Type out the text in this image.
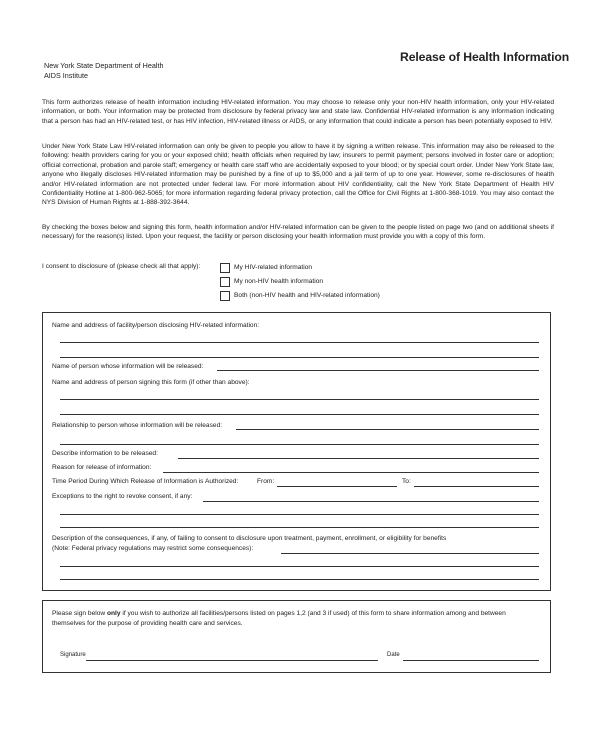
New York State Department of Health
AIDS Institute
Release of Health Information
This form authorizes release of health information including HIV-related information. You may choose to release only your non-HIV health information, only your HIV-related information, or both. Your information may be protected from disclosure by federal privacy law and state law. Confidential HIV-related information is any information indicating that a person has had an HIV-related test, or has HIV infection, HIV-related illness or AIDS, or any information that could indicate a person has been potentially exposed to HIV.
Under New York State Law HIV-related information can only be given to people you allow to have it by signing a written release. This information may also be released to the following: health providers caring for you or your exposed child; health officials when required by law; insurers to permit payment; persons involved in foster care or adoption; official correctional, probation and parole staff; emergency or health care staff who are accidentally exposed to your blood; or by special court order. Under New York State law, anyone who illegally discloses HIV-related information may be punished by a fine of up to $5,000 and a jail term of up to one year. However, some re-disclosures of health and/or HIV-related information are not protected under federal law. For more information about HIV confidentiality, call the New York State Department of Health HIV Confidentiality Hotline at 1-800-962-5065; for more information regarding federal privacy protection, call the Office for Civil Rights at 1-800-368-1019. You may also contact the NYS Division of Human Rights at 1-888-392-3644.
By checking the boxes below and signing this form, health information and/or HIV-related information can be given to the people listed on page two (and on additional sheets if necessary) for the reason(s) listed. Upon your request, the facility or person disclosing your health information must provide you with a copy of this form.
I consent to disclosure of (please check all that apply):	My HIV-related information
My non-HIV health information
Both (non-HIV health and HIV-related information)
Name and address of facility/person disclosing HIV-related information:
Name of person whose information will be released:
Name and address of person signing this form (if other than above):
Relationship to person whose information will be released:
Describe information to be released:
Reason for release of information:
Time Period During Which Release of Information is Authorized:	From:	To:
Exceptions to the right to revoke consent, if any:
Description of the consequences, if any, of failing to consent to disclosure upon treatment, payment, enrollment, or eligibility for benefits
(Note: Federal privacy regulations may restrict some consequences):
Please sign below only if you wish to authorize all facilities/persons listed on pages 1,2 (and 3 if used) of this form to share information among and between themselves for the purpose of providing health care and services.
Signature	Date
